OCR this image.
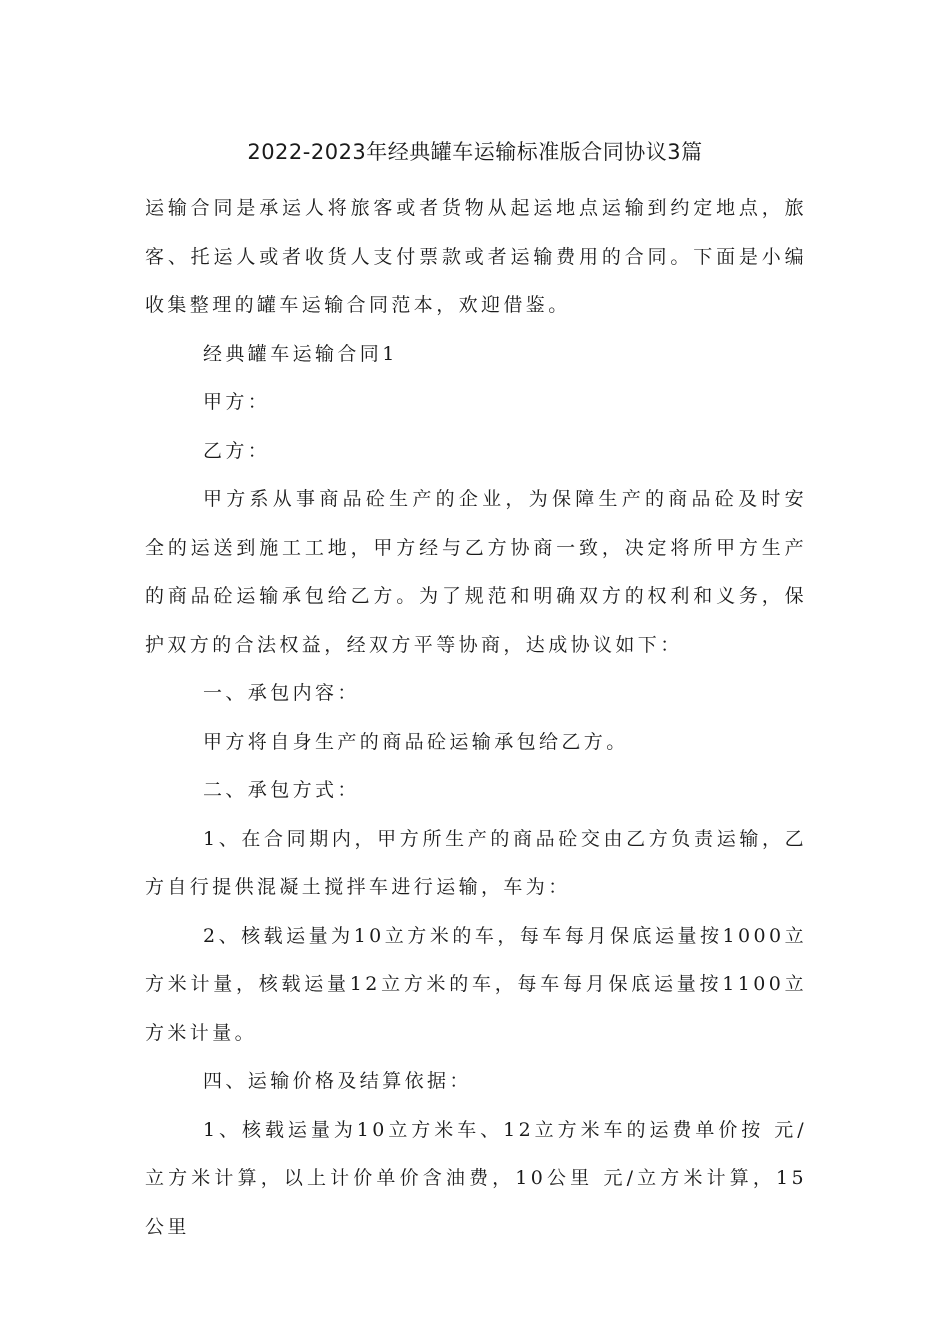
2022-2023年经典罐车运输标准版合同协议3篇

运输合同是承运人将旅客或者货物从起运地点运输到约定地点，旅客、托运人或者收货人支付票款或者运输费用的合同。下面是小编收集整理的罐车运输合同范本，欢迎借鉴。

经典罐车运输合同1

甲方：

乙方：

甲方系从事商品砼生产的企业，为保障生产的商品砼及时安全的运送到施工工地，甲方经与乙方协商一致，决定将所甲方生产的商品砼运输承包给乙方。为了规范和明确双方的权利和义务，保护双方的合法权益，经双方平等协商，达成协议如下：

一、承包内容：

甲方将自身生产的商品砼运输承包给乙方。

二、承包方式：

1、在合同期内，甲方所生产的商品砼交由乙方负责运输，乙方自行提供混凝土搅拌车进行运输，车为：

2、核载运量为10立方米的车，每车每月保底运量按1000立方米计量，核载运量12立方米的车，每车每月保底运量按1100立方米计量。

四、运输价格及结算依据：

1、核载运量为10立方米车、12立方米车的运费单价按 元/立方米计算，以上计价单价含油费，10公里 元/立方米计算，15公里
